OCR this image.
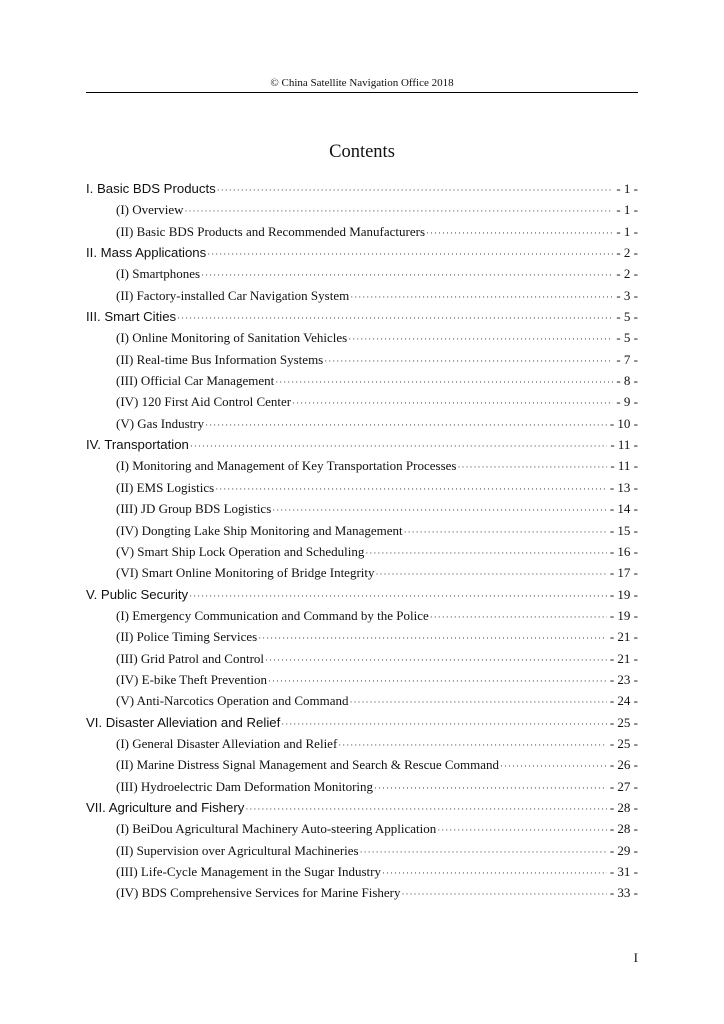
© China Satellite Navigation Office 2018
Contents
I. Basic BDS Products ·····	- 1 -
(I) Overview ·····	- 1 -
(II) Basic BDS Products and Recommended Manufacturers ·····	- 1 -
II. Mass Applications ·····	- 2 -
(I) Smartphones ·····	- 2 -
(II) Factory-installed Car Navigation System ·····	- 3 -
III. Smart Cities ·····	- 5 -
(I) Online Monitoring of Sanitation Vehicles ·····	- 5 -
(II) Real-time Bus Information Systems ·····	- 7 -
(III) Official Car Management ·····	- 8 -
(IV) 120 First Aid Control Center ·····	- 9 -
(V) Gas Industry ·····	- 10 -
IV. Transportation ·····	- 11 -
(I) Monitoring and Management of Key Transportation Processes ·····	- 11 -
(II) EMS Logistics ·····	- 13 -
(III) JD Group BDS Logistics ·····	- 14 -
(IV) Dongting Lake Ship Monitoring and Management ·····	- 15 -
(V) Smart Ship Lock Operation and Scheduling ·····	- 16 -
(VI) Smart Online Monitoring of Bridge Integrity ·····	- 17 -
V. Public Security ·····	- 19 -
(I) Emergency Communication and Command by the Police ·····	- 19 -
(II) Police Timing Services ·····	- 21 -
(III) Grid Patrol and Control ·····	- 21 -
(IV) E-bike Theft Prevention ·····	- 23 -
(V) Anti-Narcotics Operation and Command ·····	- 24 -
VI. Disaster Alleviation and Relief ·····	- 25 -
(I) General Disaster Alleviation and Relief ·····	- 25 -
(II) Marine Distress Signal Management and Search & Rescue Command ·····	- 26 -
(III) Hydroelectric Dam Deformation Monitoring ·····	- 27 -
VII. Agriculture and Fishery ·····	- 28 -
(I) BeiDou Agricultural Machinery Auto-steering Application ·····	- 28 -
(II) Supervision over Agricultural Machineries ·····	- 29 -
(III) Life-Cycle Management in the Sugar Industry ·····	- 31 -
(IV) BDS Comprehensive Services for Marine Fishery ·····	- 33 -
I
